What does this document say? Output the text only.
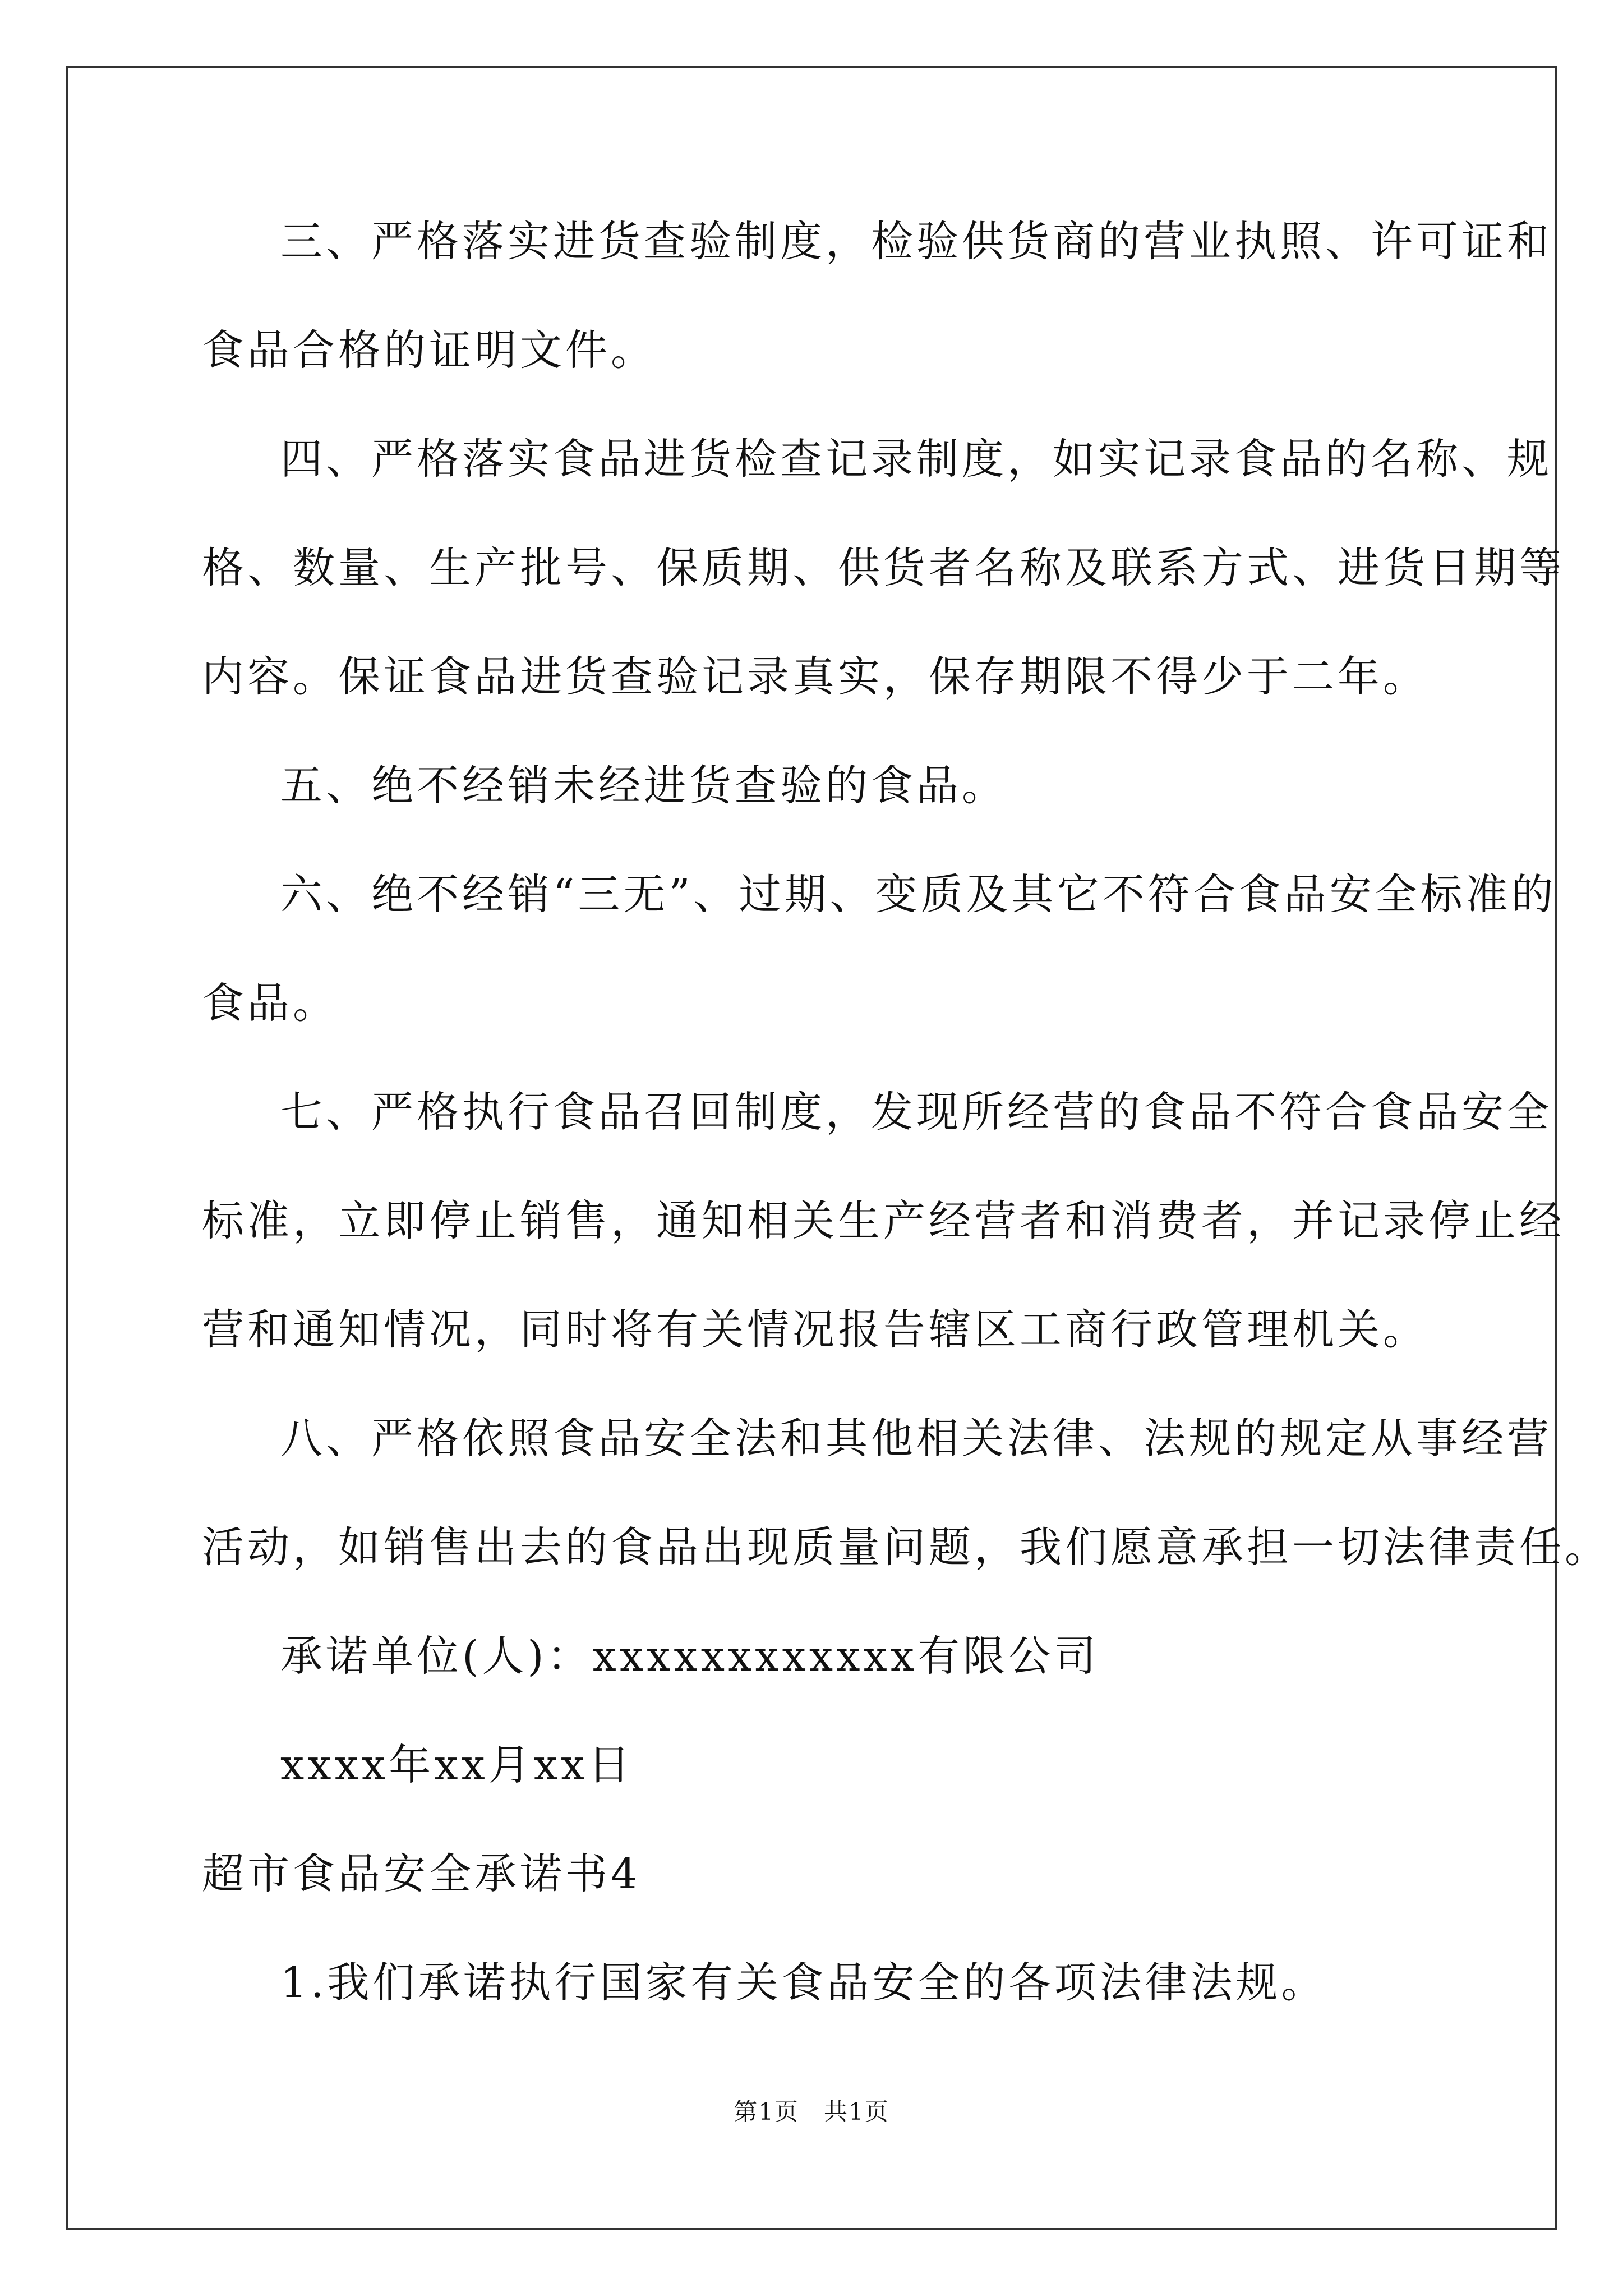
三、严格落实进货查验制度，检验供货商的营业执照、许可证和
食品合格的证明文件。
四、严格落实食品进货检查记录制度，如实记录食品的名称、规
格、数量、生产批号、保质期、供货者名称及联系方式、进货日期等
内容。保证食品进货查验记录真实，保存期限不得少于二年。
五、绝不经销未经进货查验的食品。
六、绝不经销“三无”、过期、变质及其它不符合食品安全标准的
食品。
七、严格执行食品召回制度，发现所经营的食品不符合食品安全
标准，立即停止销售，通知相关生产经营者和消费者，并记录停止经
营和通知情况，同时将有关情况报告辖区工商行政管理机关。
八、严格依照食品安全法和其他相关法律、法规的规定从事经营
活动，如销售出去的食品出现质量问题，我们愿意承担一切法律责任。
承诺单位(人)：xxxxxxxxxxxx有限公司
xxxx年xx月xx日
超市食品安全承诺书4
1.我们承诺执行国家有关食品安全的各项法律法规。
第1页　共1页
